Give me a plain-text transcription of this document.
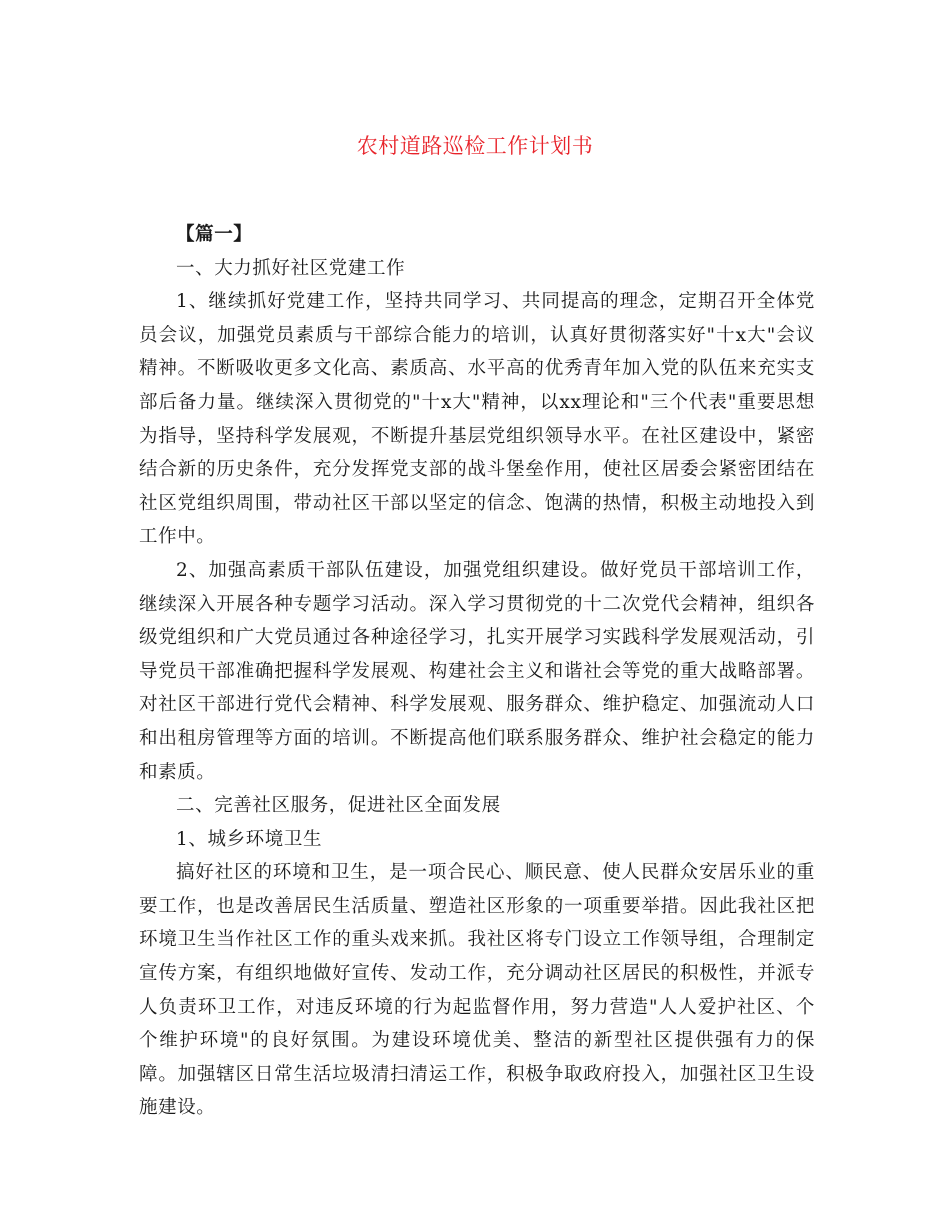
农村道路巡检工作计划书

【篇一】

一、大力抓好社区党建工作

1、继续抓好党建工作，坚持共同学习、共同提高的理念，定期召开全体党员会议，加强党员素质与干部综合能力的培训，认真好贯彻落实好"十x大"会议精神。不断吸收更多文化高、素质高、水平高的优秀青年加入党的队伍来充实支部后备力量。继续深入贯彻党的"十x大"精神，以xx理论和"三个代表"重要思想为指导，坚持科学发展观，不断提升基层党组织领导水平。在社区建设中，紧密结合新的历史条件，充分发挥党支部的战斗堡垒作用，使社区居委会紧密团结在社区党组织周围，带动社区干部以坚定的信念、饱满的热情，积极主动地投入到工作中。

2、加强高素质干部队伍建设，加强党组织建设。做好党员干部培训工作，继续深入开展各种专题学习活动。深入学习贯彻党的十二次党代会精神，组织各级党组织和广大党员通过各种途径学习，扎实开展学习实践科学发展观活动，引导党员干部准确把握科学发展观、构建社会主义和谐社会等党的重大战略部署。对社区干部进行党代会精神、科学发展观、服务群众、维护稳定、加强流动人口和出租房管理等方面的培训。不断提高他们联系服务群众、维护社会稳定的能力和素质。

二、完善社区服务，促进社区全面发展

1、城乡环境卫生

搞好社区的环境和卫生，是一项合民心、顺民意、使人民群众安居乐业的重要工作，也是改善居民生活质量、塑造社区形象的一项重要举措。因此我社区把环境卫生当作社区工作的重头戏来抓。我社区将专门设立工作领导组，合理制定宣传方案，有组织地做好宣传、发动工作，充分调动社区居民的积极性，并派专人负责环卫工作，对违反环境的行为起监督作用，努力营造"人人爱护社区、个个维护环境"的良好氛围。为建设环境优美、整洁的新型社区提供强有力的保障。加强辖区日常生活垃圾清扫清运工作，积极争取政府投入，加强社区卫生设施建设。
